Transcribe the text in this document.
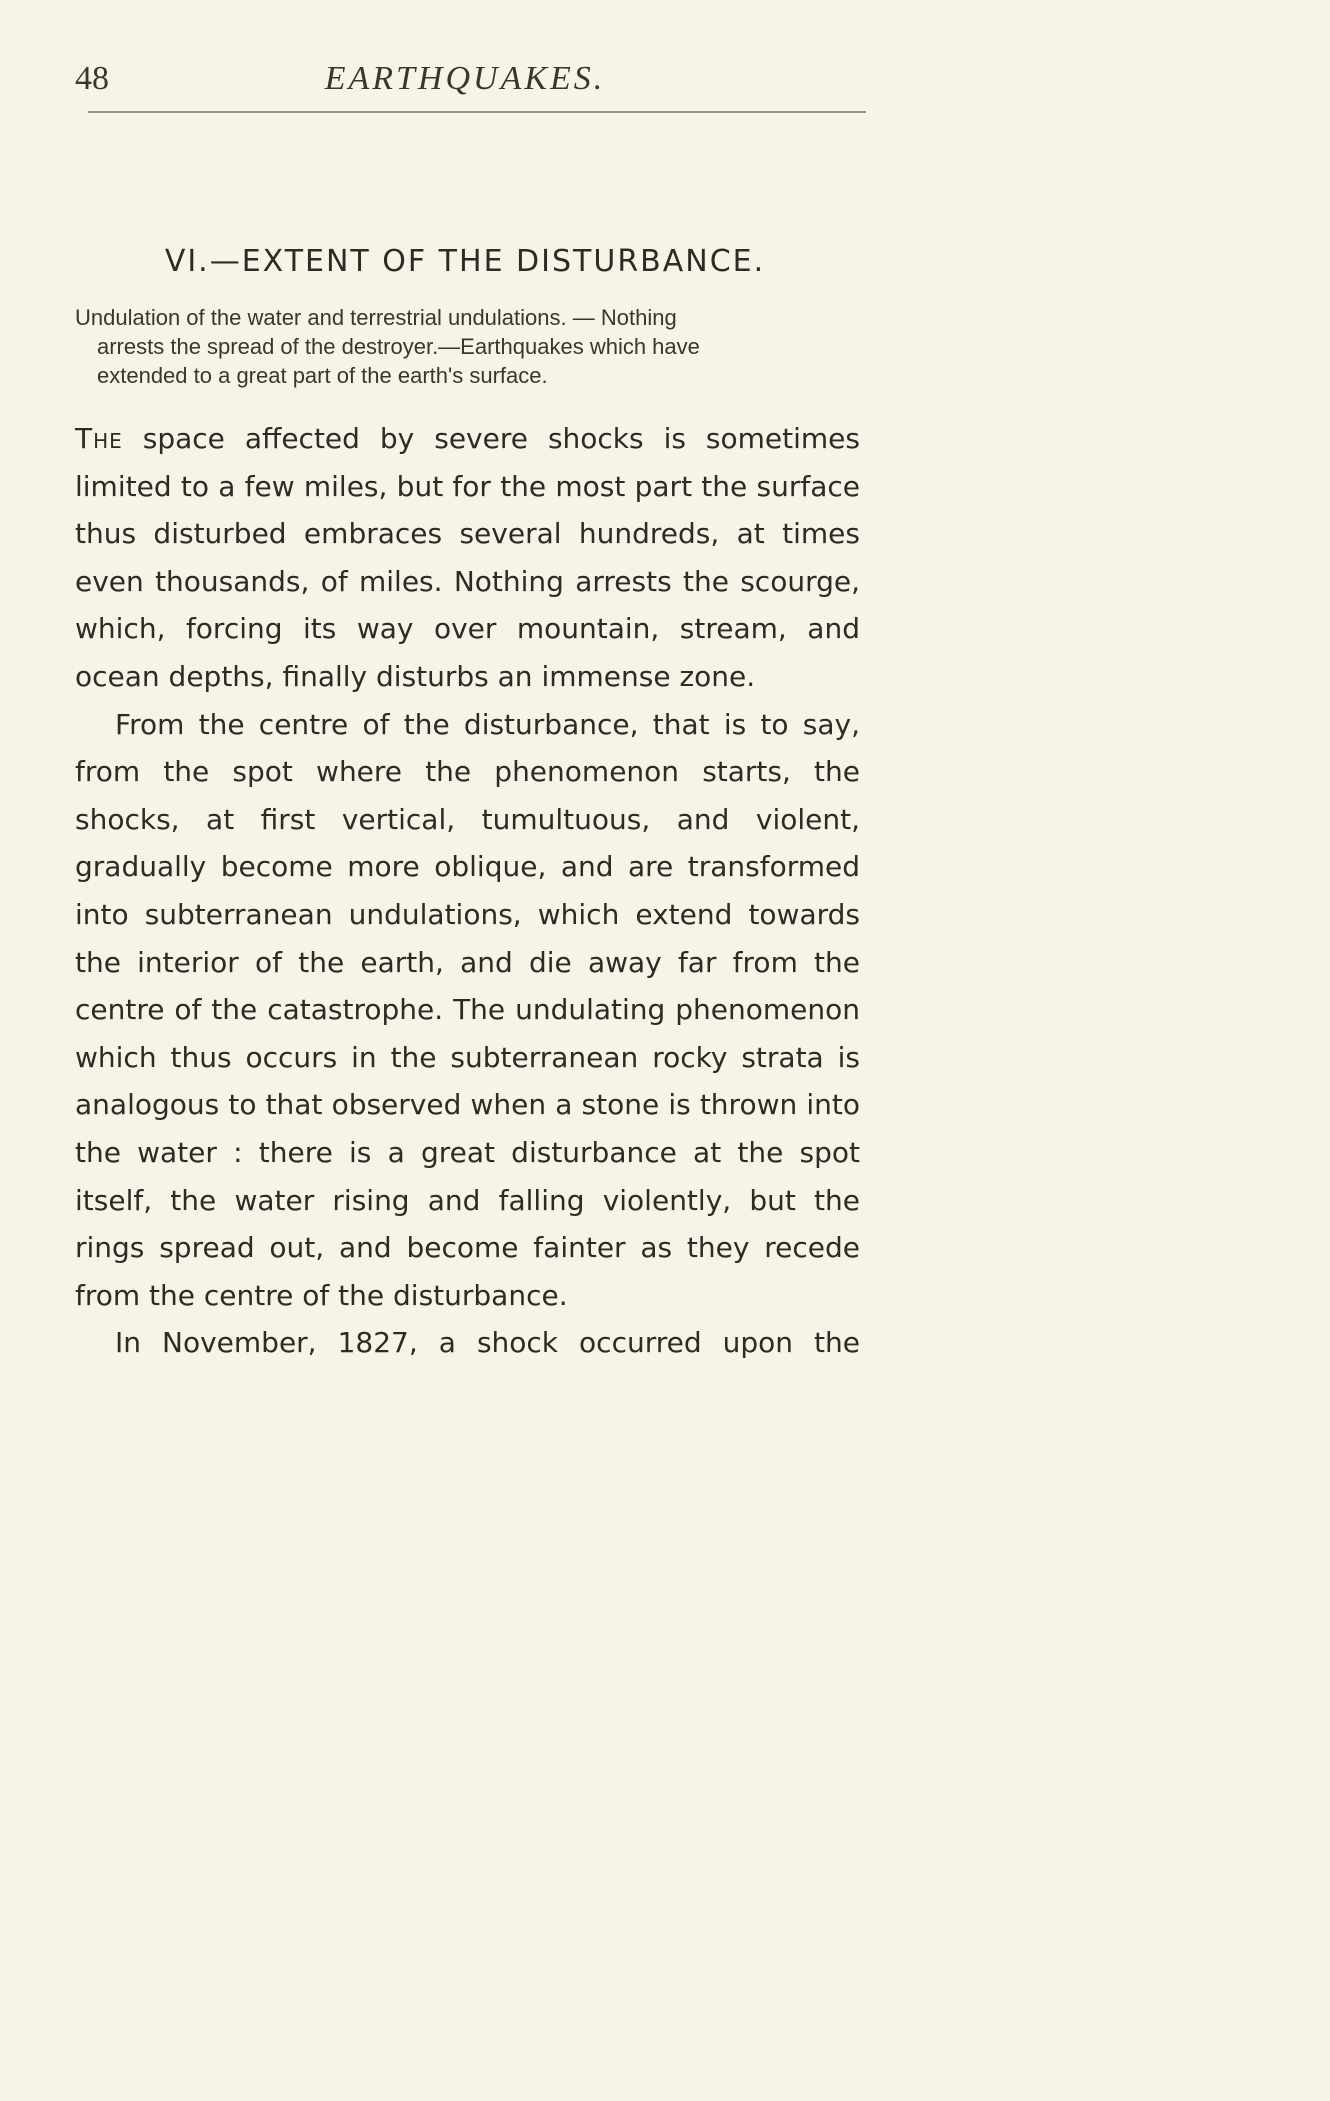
48	EARTHQUAKES.
VI.—EXTENT OF THE DISTURBANCE.
Undulation of the water and terrestrial undulations. — Nothing
arrests the spread of the destroyer.—Earthquakes which have
extended to a great part of the earth's surface.

The space affected by severe shocks is sometimes limited to a few miles, but for the most part the surface thus disturbed embraces several hundreds, at times even thousands, of miles. Nothing arrests the scourge, which, forcing its way over mountain, stream, and ocean depths, finally disturbs an immense zone.

From the centre of the disturbance, that is to say, from the spot where the phenomenon starts, the shocks, at first vertical, tumultuous, and violent, gradually become more oblique, and are transformed into subterranean undulations, which extend towards the interior of the earth, and die away far from the centre of the catastrophe. The undulating phenomenon which thus occurs in the subterranean rocky strata is analogous to that observed when a stone is thrown into the water : there is a great disturbance at the spot itself, the water rising and falling violently, but the rings spread out, and become fainter as they recede from the centre of the disturbance.

In November, 1827, a shock occurred upon the
